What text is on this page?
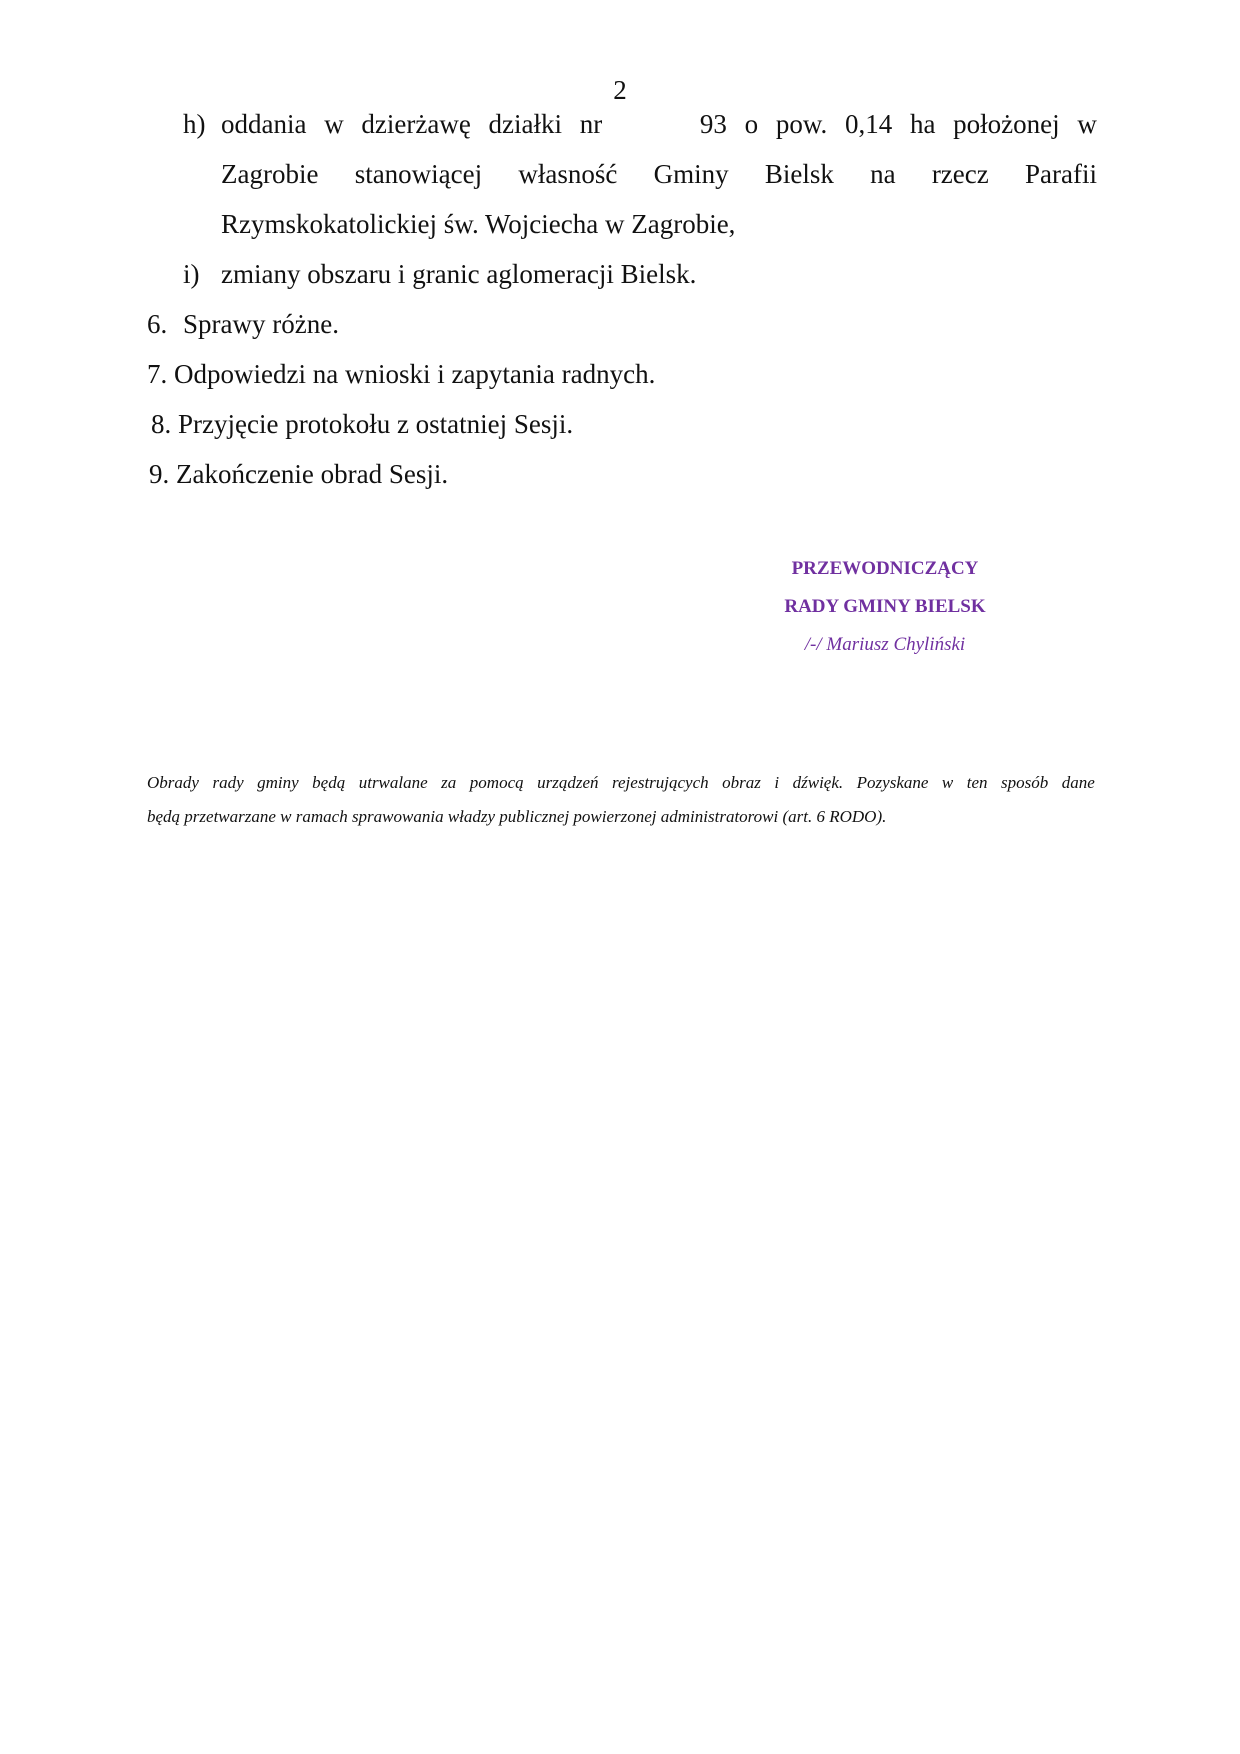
2
h) oddania w dzierżawę działki nr	93 o pow. 0,14 ha położonej w
Zagrobie stanowiącej własność Gminy Bielsk na rzecz Parafii
Rzymskokatolickiej św. Wojciecha w Zagrobie,
i) zmiany obszaru i granic aglomeracji Bielsk.
6. Sprawy różne.
7. Odpowiedzi na wnioski i zapytania radnych.
8. Przyjęcie protokołu z ostatniej Sesji.
9. Zakończenie obrad Sesji.
PRZEWODNICZĄCY
RADY GMINY BIELSK
/-/ Mariusz Chyliński
Obrady rady gminy będą utrwalane za pomocą urządzeń rejestrujących obraz i dźwięk. Pozyskane w ten sposób dane
będą przetwarzane w ramach sprawowania władzy publicznej powierzonej administratorowi (art. 6 RODO).
